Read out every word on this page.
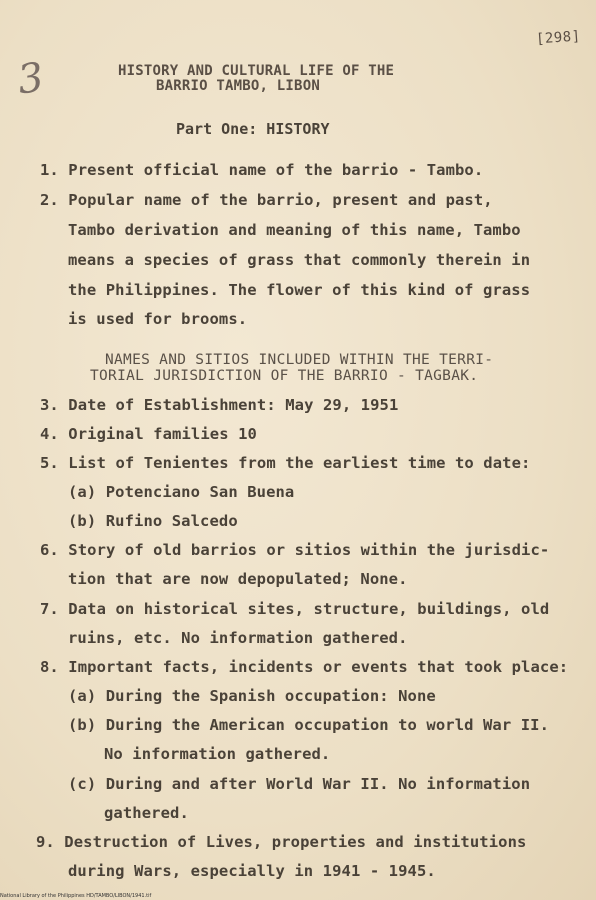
[298]
3	HISTORY AND CULTURAL LIFE OF THE
BARRIO TAMBO, LIBON
Part One: HISTORY
1. Present official name of the barrio - Tambo.
2. Popular name of the barrio, present and past,
Tambo derivation and meaning of this name, Tambo
means a species of grass that commonly therein in
the Philippines. The flower of this kind of grass
is used for brooms.
NAMES AND SITIOS INCLUDED WITHIN THE TERRI-
TORIAL JURISDICTION OF THE BARRIO - TAGBAK.
3. Date of Establishment: May 29, 1951
4. Original families 10
5. List of Tenientes from the earliest time to date:
(a) Potenciano San Buena
(b) Rufino Salcedo
6. Story of old barrios or sitios within the jurisdic-
tion that are now depopulated; None.
7. Data on historical sites, structure, buildings, old
ruins, etc. No information gathered.
8. Important facts, incidents or events that took place:
(a) During the Spanish occupation: None
(b) During the American occupation to world War II.
No information gathered.
(c) During and after World War II. No information
gathered.
9. Destruction of Lives, properties and institutions
during Wars, especially in 1941 - 1945.
National Library of the Philippines HD/TAMBO/LIBON/1941.tif
